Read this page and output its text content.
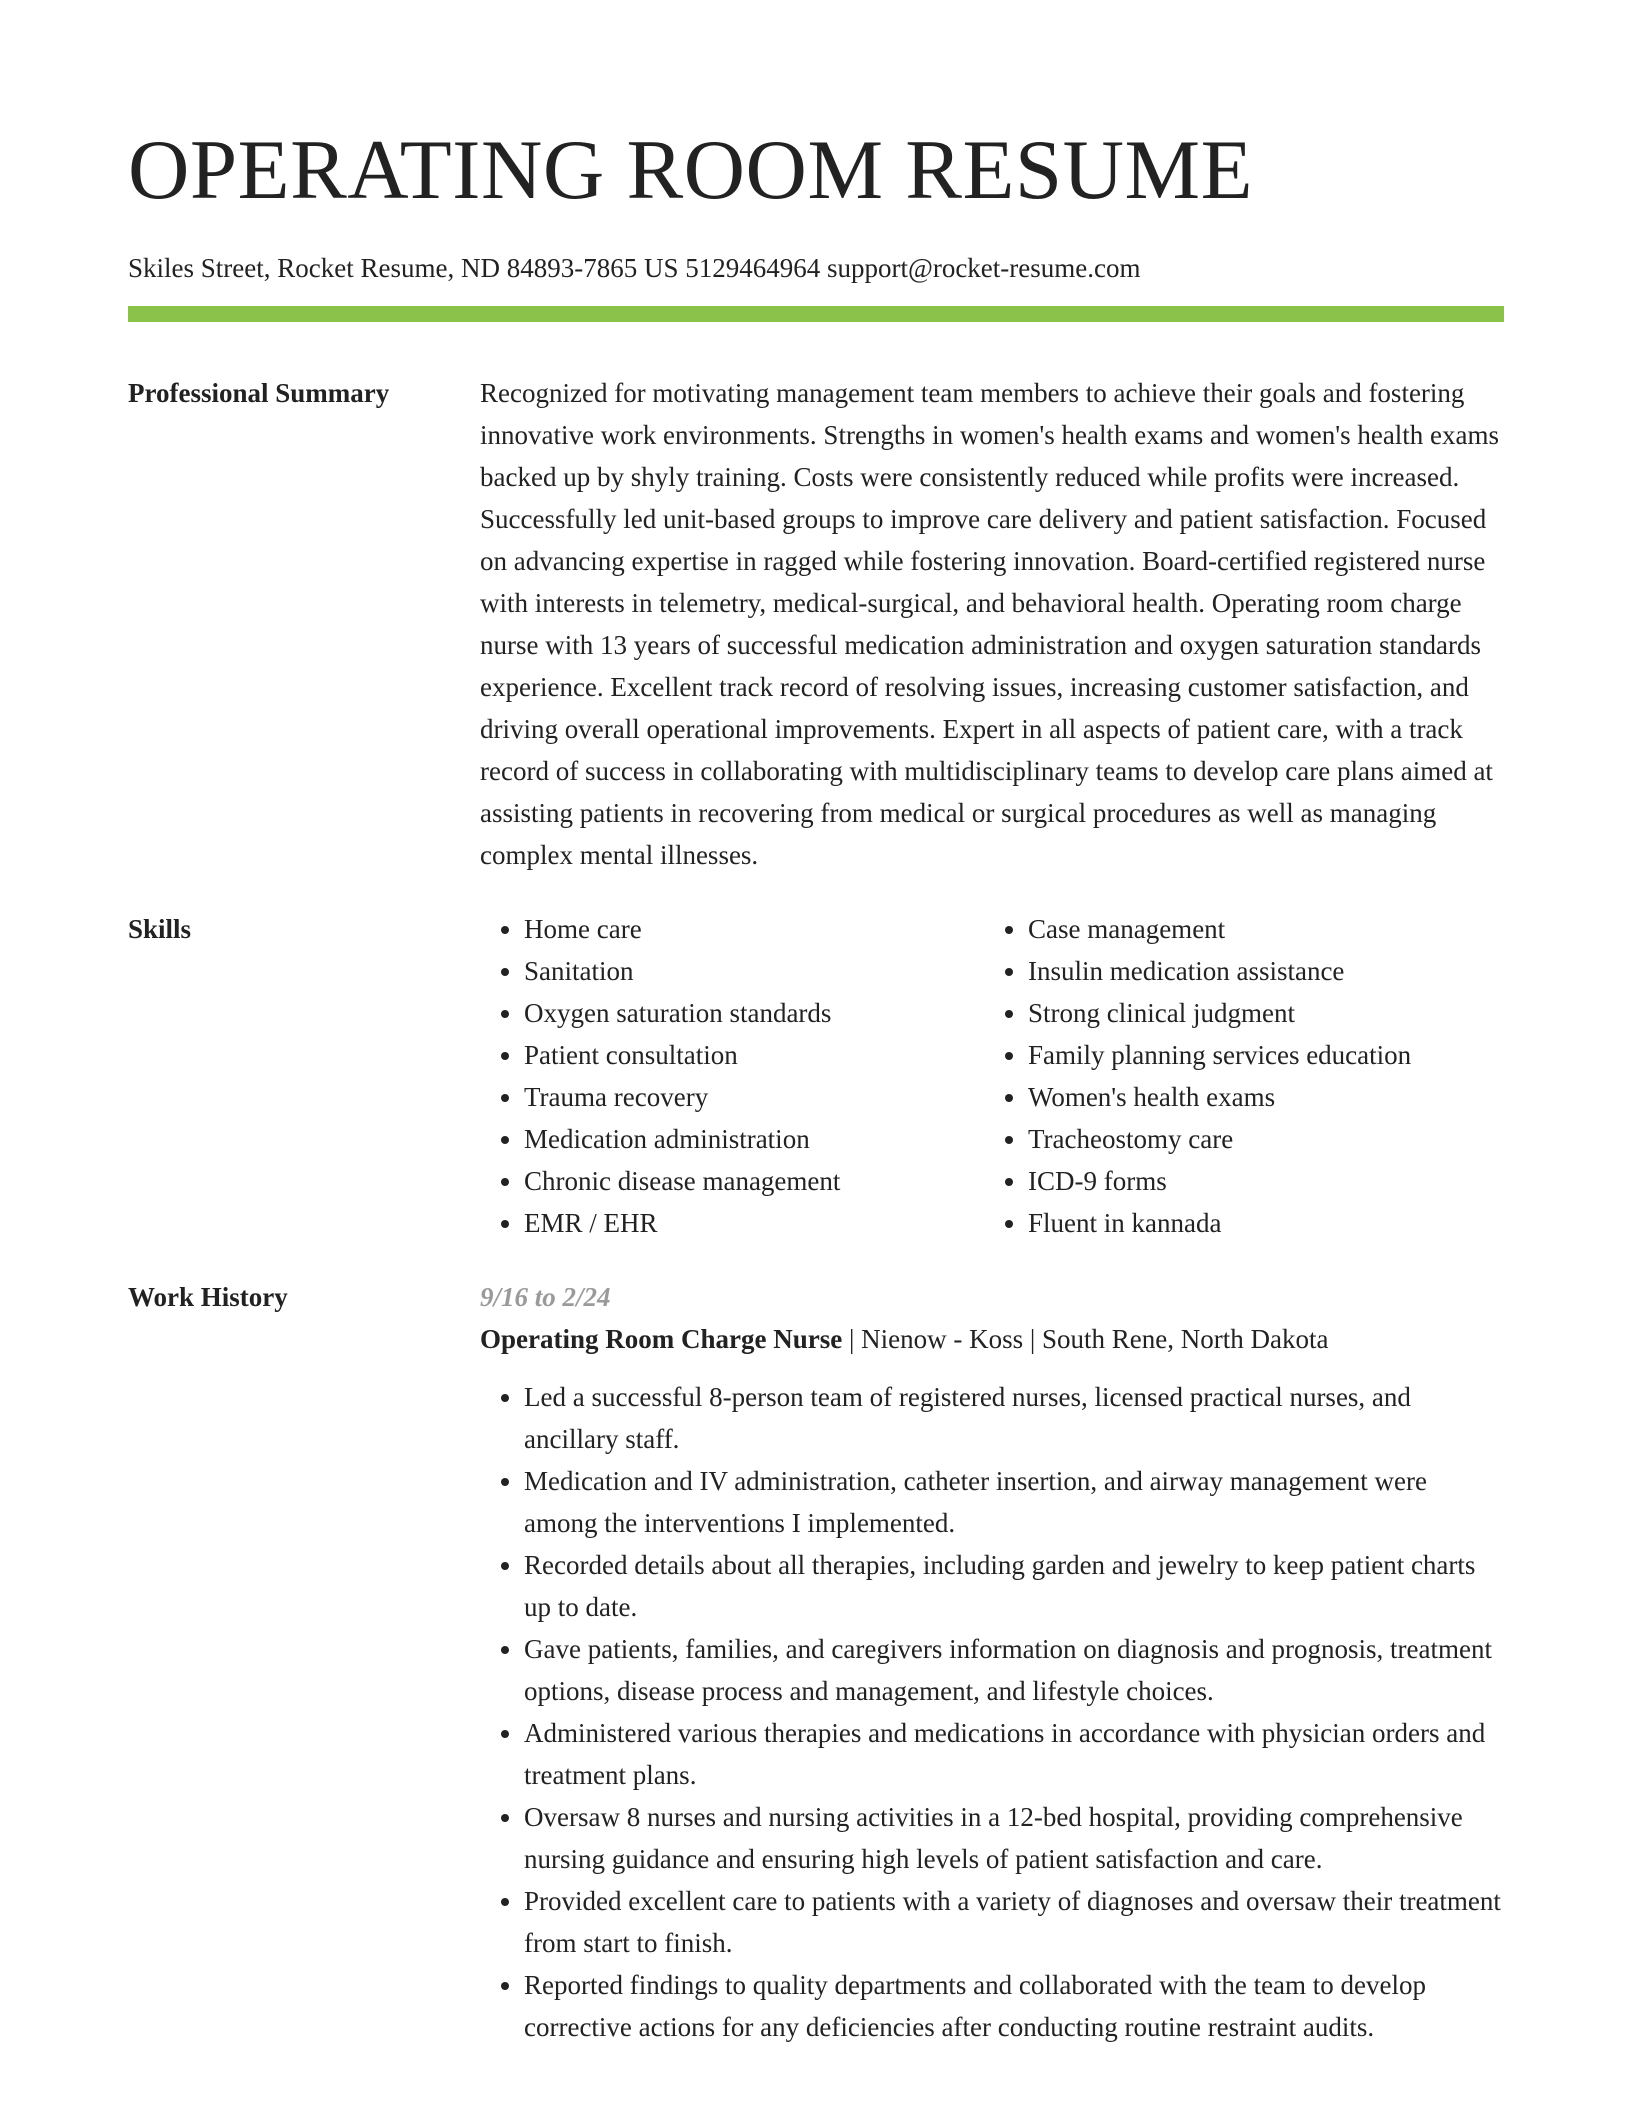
OPERATING ROOM RESUME
Skiles Street, Rocket Resume, ND 84893-7865 US 5129464964 support@rocket-resume.com
Professional Summary	Recognized for motivating management team members to achieve their goals and fostering innovative work environments. Strengths in women's health exams and women's health exams backed up by shyly training. Costs were consistently reduced while profits were increased. Successfully led unit-based groups to improve care delivery and patient satisfaction. Focused on advancing expertise in ragged while fostering innovation. Board-certified registered nurse with interests in telemetry, medical-surgical, and behavioral health. Operating room charge nurse with 13 years of successful medication administration and oxygen saturation standards experience. Excellent track record of resolving issues, increasing customer satisfaction, and driving overall operational improvements. Expert in all aspects of patient care, with a track record of success in collaborating with multidisciplinary teams to develop care plans aimed at assisting patients in recovering from medical or surgical procedures as well as managing complex mental illnesses.

Skills
•	Home care
• Sanitation
• Oxygen saturation standards
• Patient consultation
• Trauma recovery
• Medication administration
• Chronic disease management
• EMR / EHR
• Case management
• Insulin medication assistance
• Strong clinical judgment
• Family planning services education
• Women's health exams
• Tracheostomy care
• ICD-9 forms
• Fluent in kannada
Work History	9/16 to 2/24
Operating Room Charge Nurse | Nienow - Koss | South Rene, North Dakota
• Led a successful 8-person team of registered nurses, licensed practical nurses, and ancillary staff.
• Medication and IV administration, catheter insertion, and airway management were among the interventions I implemented.
• Recorded details about all therapies, including garden and jewelry to keep patient charts up to date.
• Gave patients, families, and caregivers information on diagnosis and prognosis, treatment options, disease process and management, and lifestyle choices.
• Administered various therapies and medications in accordance with physician orders and treatment plans.
• Oversaw 8 nurses and nursing activities in a 12-bed hospital, providing comprehensive nursing guidance and ensuring high levels of patient satisfaction and care.
• Provided excellent care to patients with a variety of diagnoses and oversaw their treatment from start to finish.
• Reported findings to quality departments and collaborated with the team to develop corrective actions for any deficiencies after conducting routine restraint audits.
